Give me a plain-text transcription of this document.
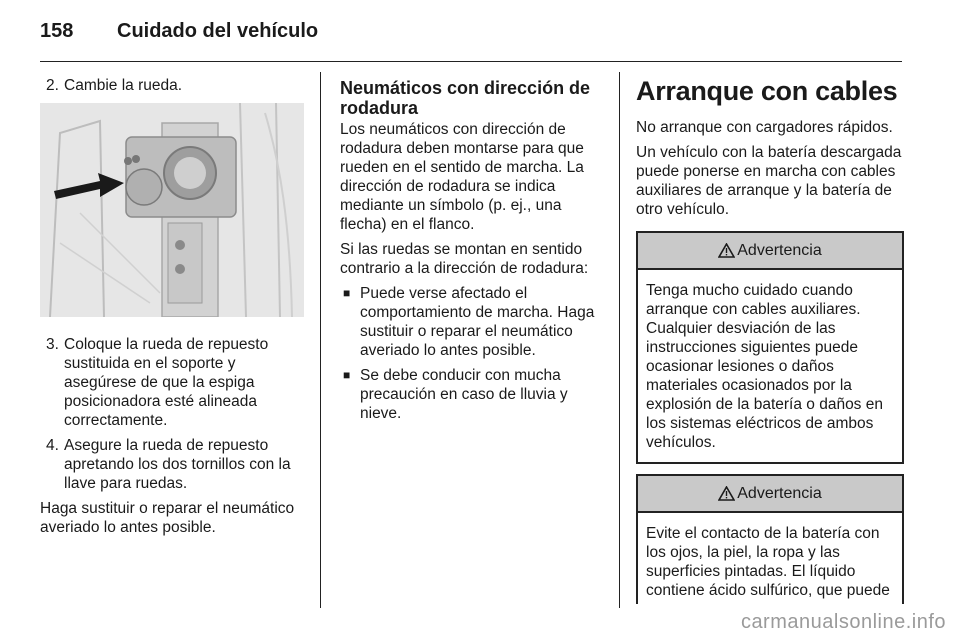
158 Cuidado del vehículo
2. Cambie la rueda.
3. Coloque la rueda de repuesto sustituida en el soporte y asegúrese de que la espiga posicionadora esté alineada correctamente.
4. Asegure la rueda de repuesto apretando los dos tornillos con la llave para ruedas.

Haga sustituir o reparar el neumático averiado lo antes posible.

Neumáticos con dirección de rodadura

Los neumáticos con dirección de rodadura deben montarse para que rueden en el sentido de marcha. La dirección de rodadura se indica mediante un símbolo (p. ej., una flecha) en el flanco.

Si las ruedas se montan en sentido contrario a la dirección de rodadura:

■ Puede verse afectado el comportamiento de marcha. Haga sustituir o reparar el neumático averiado lo antes posible.
■ Se debe conducir con mucha precaución en caso de lluvia y nieve.
Arranque con cables

No arranque con cargadores rápidos.

Un vehículo con la batería descargada puede ponerse en marcha con cables auxiliares de arranque y la batería de otro vehículo.

Advertencia
Tenga mucho cuidado cuando arranque con cables auxiliares. Cualquier desviación de las instrucciones siguientes puede ocasionar lesiones o daños materiales ocasionados por la explosión de la batería o daños en los sistemas eléctricos de ambos vehículos.
Advertencia
Evite el contacto de la batería con los ojos, la piel, la ropa y las superficies pintadas. El líquido contiene ácido sulfúrico, que puede
carmanualsonline.info
